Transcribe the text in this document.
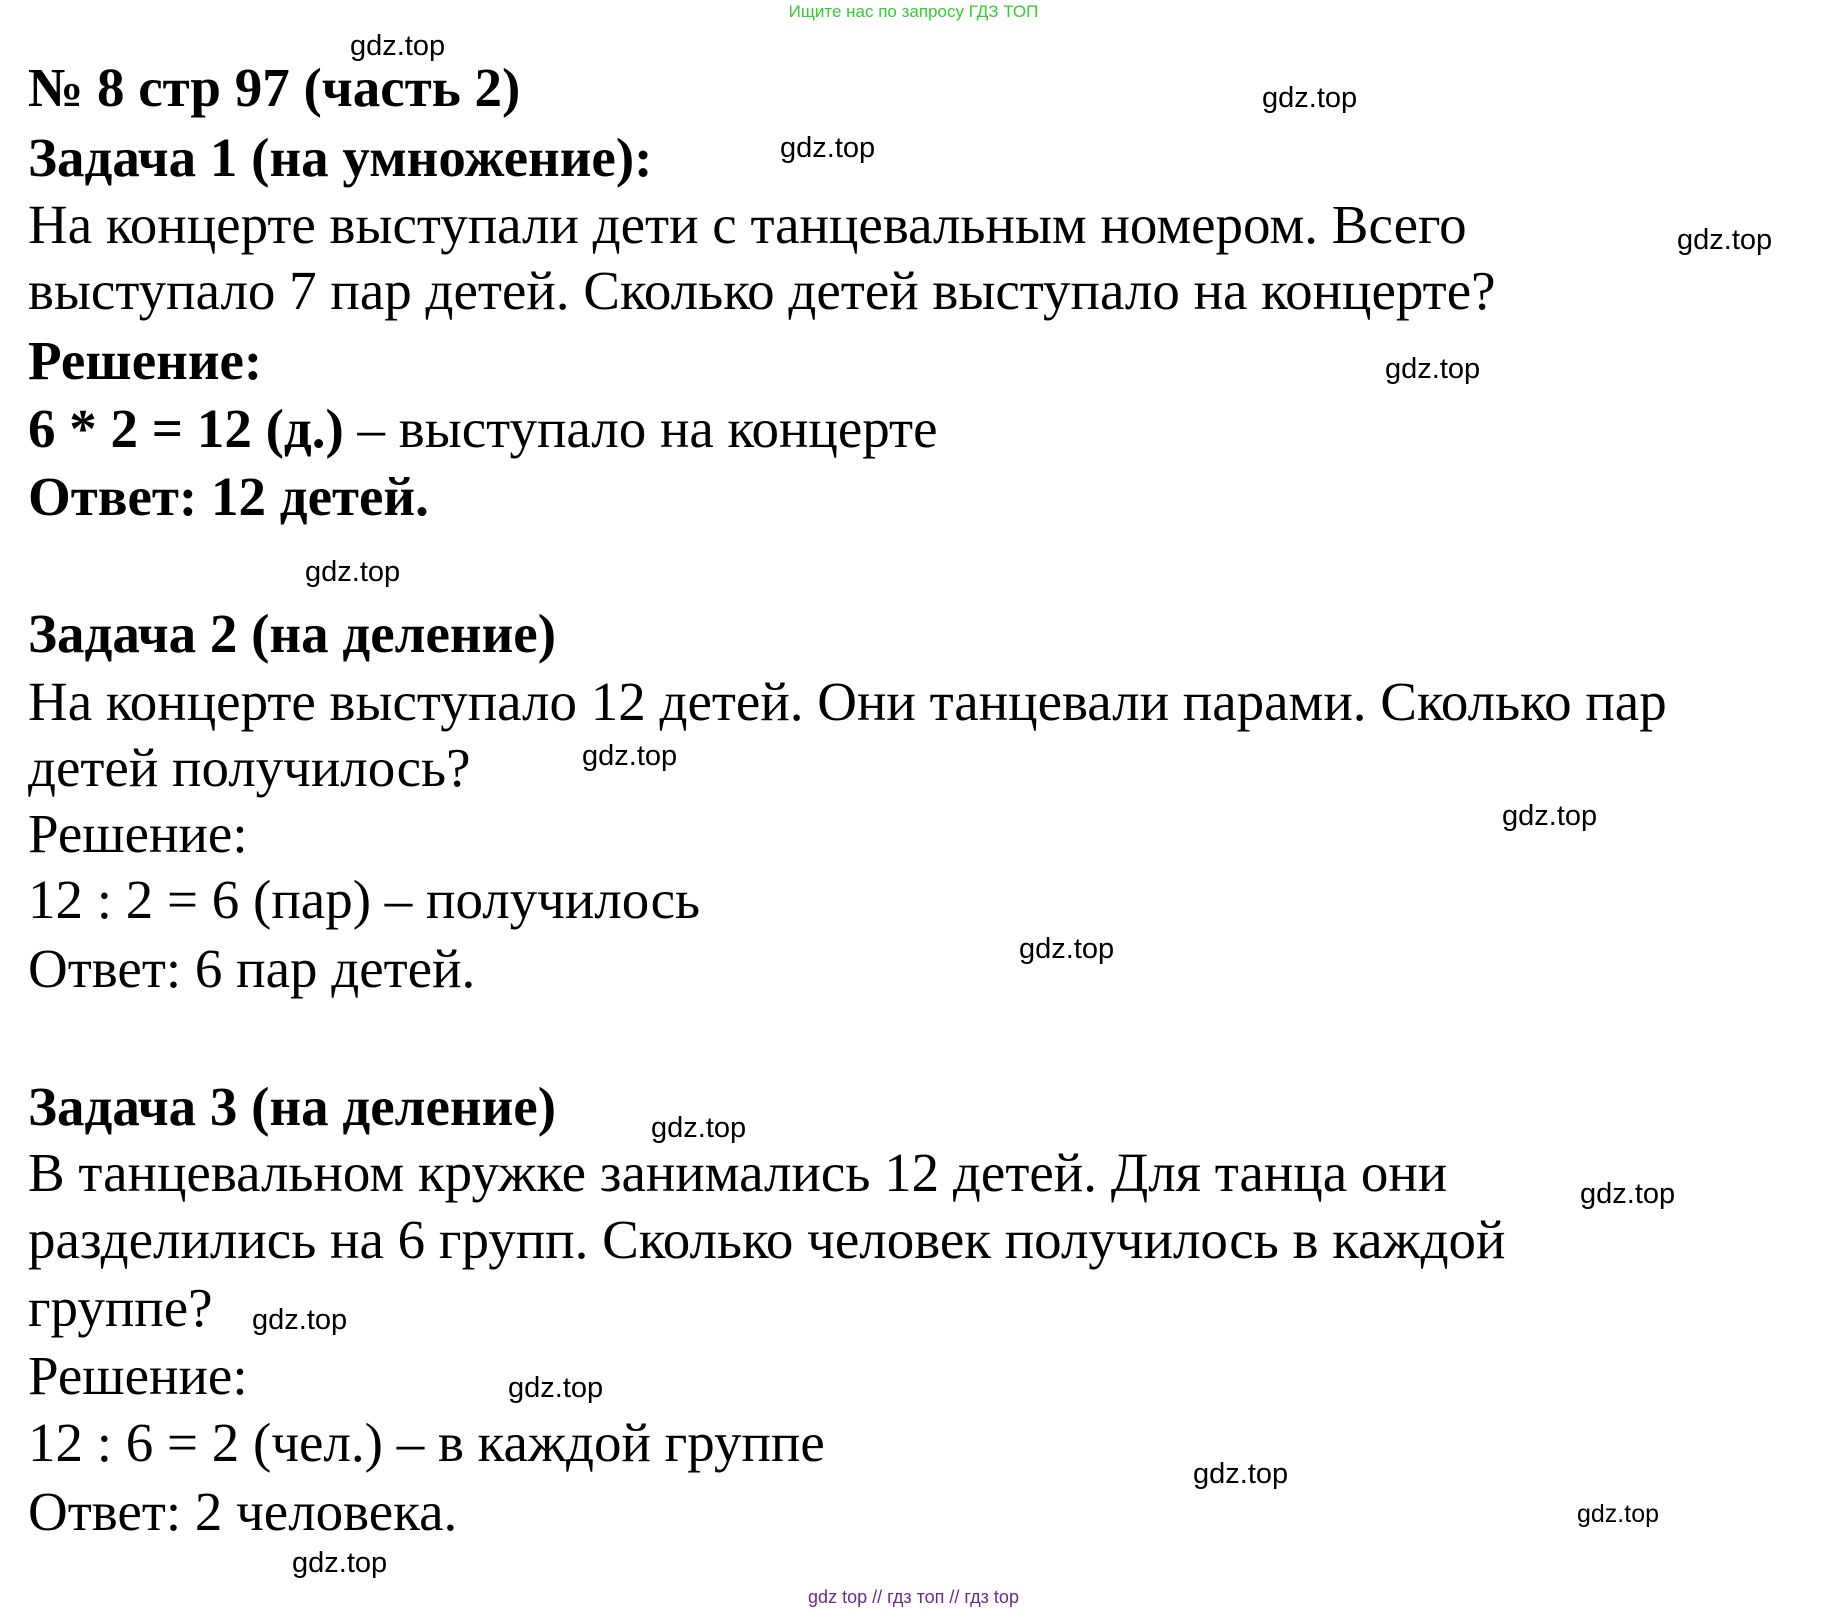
Ищите нас по запросу ГДЗ ТОП
№ 8 стр 97 (часть 2)
Задача 1 (на умножение):
На концерте выступали дети с танцевальным номером. Всего
выступало 7 пар детей. Сколько детей выступало на концерте?
Решение:
6 * 2 = 12 (д.) – выступало на концерте
Ответ: 12 детей.
Задача 2 (на деление)
На концерте выступало 12 детей. Они танцевали парами. Сколько пар
детей получилось?
Решение:
12 : 2 = 6 (пар) – получилось
Ответ: 6 пар детей.
Задача 3 (на деление)
В танцевальном кружке занимались 12 детей. Для танца они
разделились на 6 групп. Сколько человек получилось в каждой
группе?
Решение:
12 : 6 = 2 (чел.) – в каждой группе
Ответ: 2 человека.
gdz.top
gdz.top
gdz.top
gdz.top
gdz.top
gdz.top
gdz.top
gdz.top
gdz.top
gdz.top
gdz.top
gdz.top
gdz.top
gdz.top
gdz.top
gdz.top
gdz top // гдз топ // гдз top
